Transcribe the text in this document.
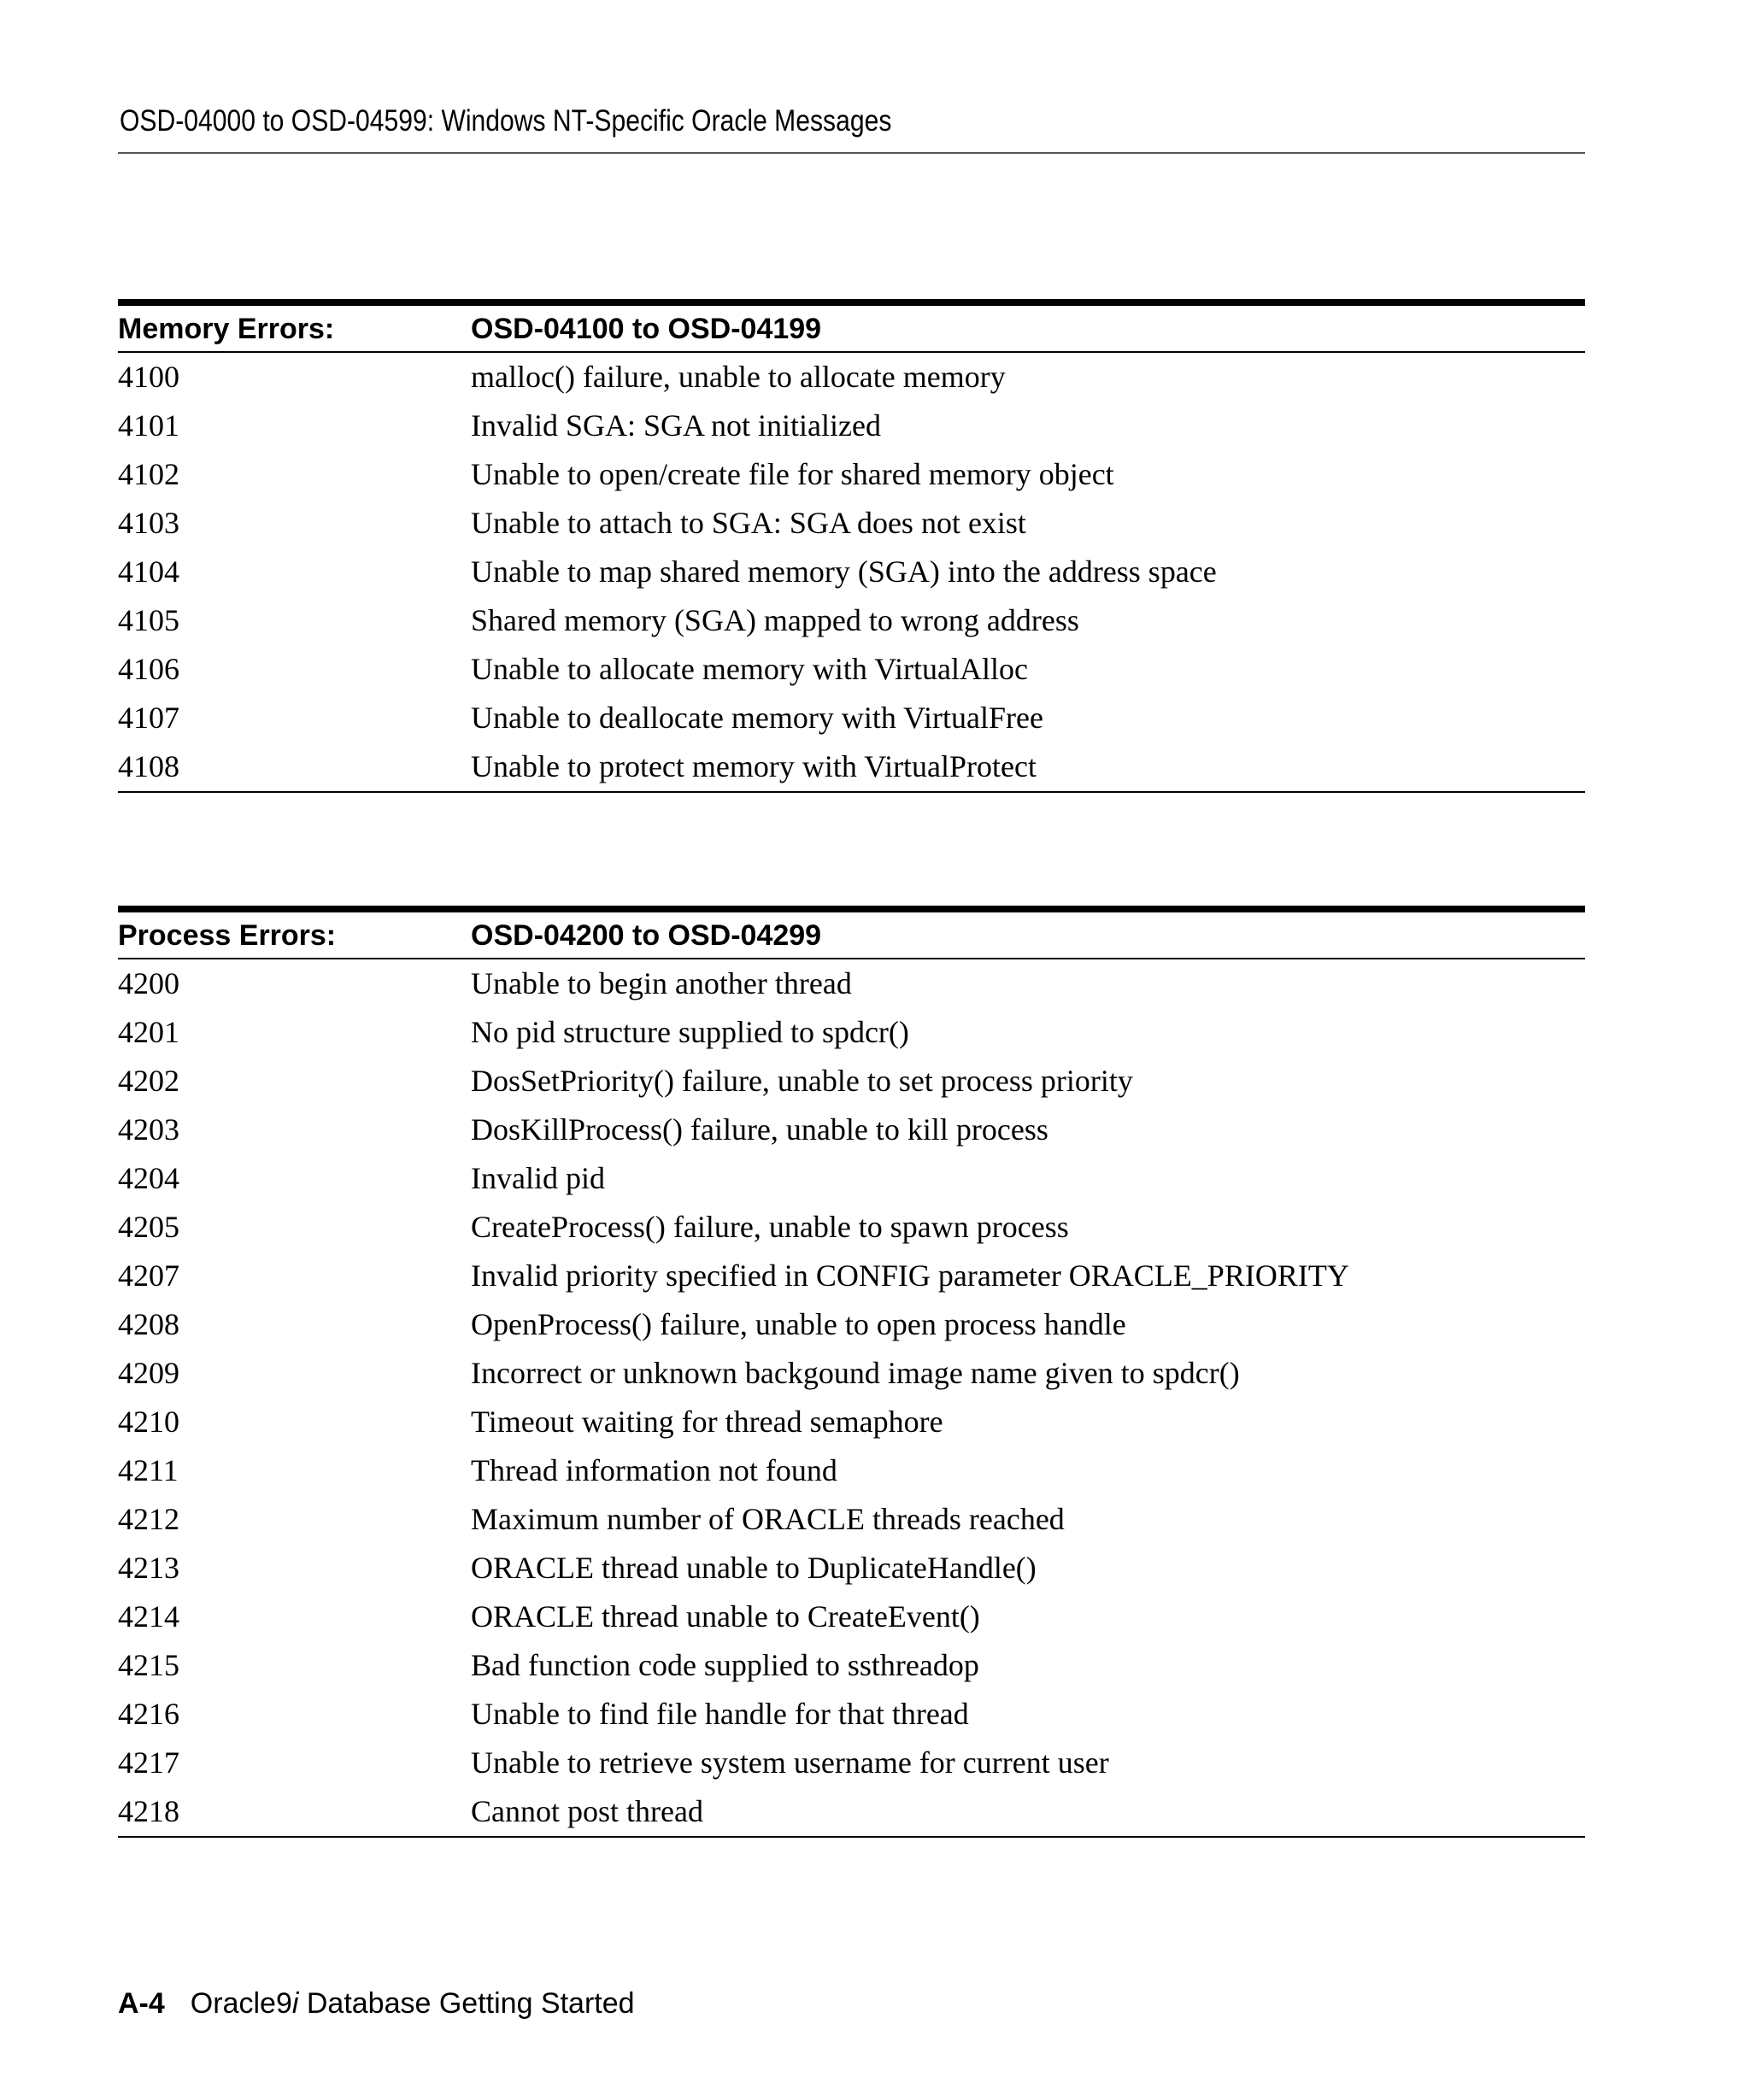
OSD-04000 to OSD-04599: Windows NT-Specific Oracle Messages
Memory Errors:	OSD-04100 to OSD-04199
4100	malloc() failure, unable to allocate memory
4101	Invalid SGA: SGA not initialized
4102	Unable to open/create file for shared memory object
4103	Unable to attach to SGA: SGA does not exist
4104	Unable to map shared memory (SGA) into the address space
4105	Shared memory (SGA) mapped to wrong address
4106	Unable to allocate memory with VirtualAlloc
4107	Unable to deallocate memory with VirtualFree
4108	Unable to protect memory with VirtualProtect
Process Errors:	OSD-04200 to OSD-04299
4200	Unable to begin another thread
4201	No pid structure supplied to spdcr()
4202	DosSetPriority() failure, unable to set process priority
4203	DosKillProcess() failure, unable to kill process
4204	Invalid pid
4205	CreateProcess() failure, unable to spawn process
4207	Invalid priority specified in CONFIG parameter ORACLE_PRIORITY
4208	OpenProcess() failure, unable to open process handle
4209	Incorrect or unknown backgound image name given to spdcr()
4210	Timeout waiting for thread semaphore
4211	Thread information not found
4212	Maximum number of ORACLE threads reached
4213	ORACLE thread unable to DuplicateHandle()
4214	ORACLE thread unable to CreateEvent()
4215	Bad function code supplied to ssthreadop
4216	Unable to find file handle for that thread
4217	Unable to retrieve system username for current user
4218	Cannot post thread
A-4 Oracle9i Database Getting Started
